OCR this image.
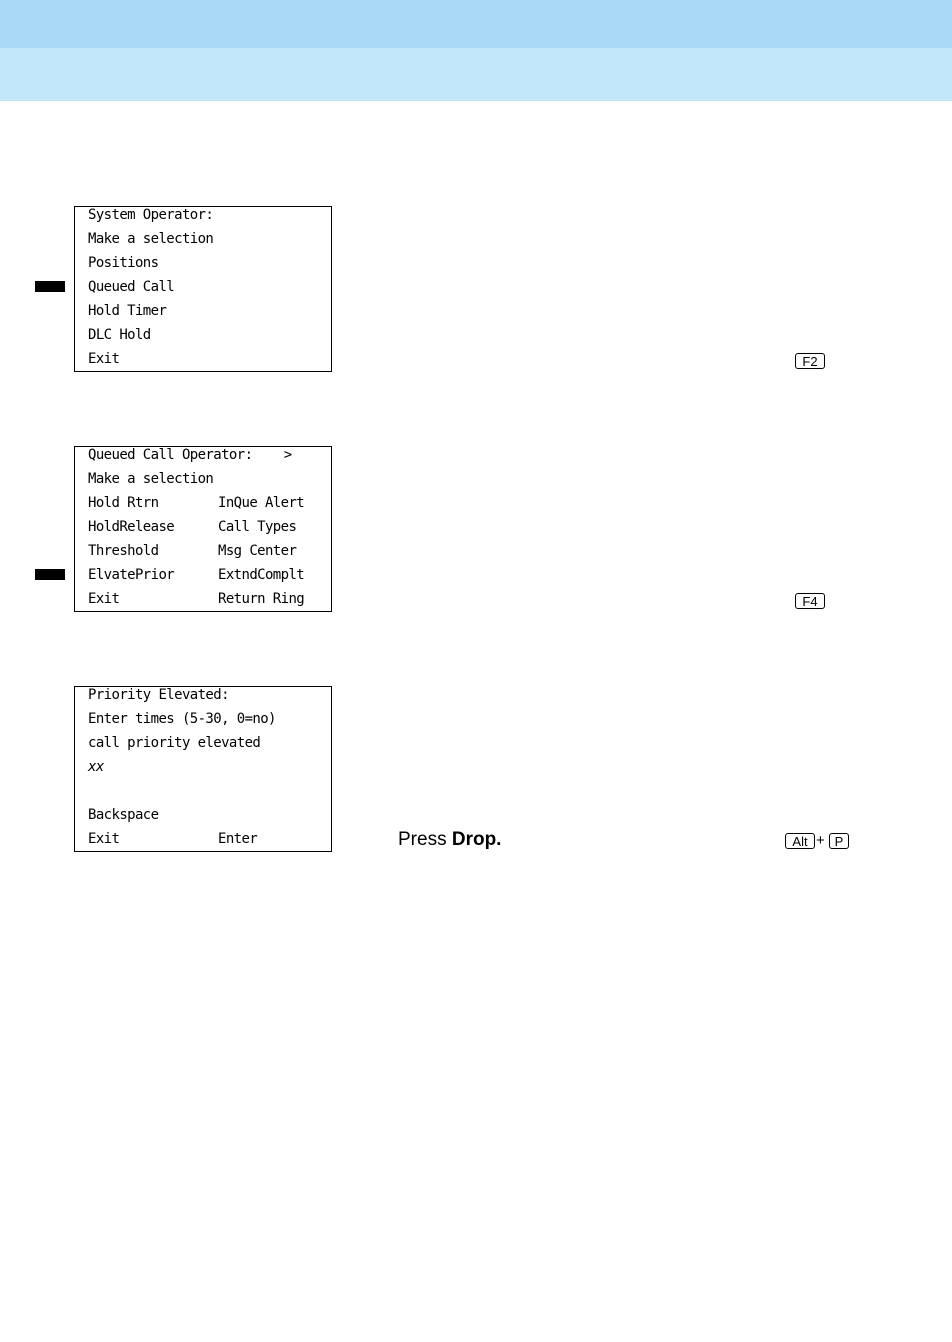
System Operator:
Make a selection
Positions
Queued Call
Hold Timer
DLC Hold
Exit	F2
Queued Call Operator:    >
Make a selection
Hold Rtrn	InQue Alert
HoldRelease	Call Types
Threshold	Msg Center
ElvatePrior	ExtndComplt
Exit	Return Ring	F4
Priority Elevated:
Enter times (5-30, 0=no)
call priority elevated
xx
Backspace
Exit	Enter	Press Drop.	Alt + P
